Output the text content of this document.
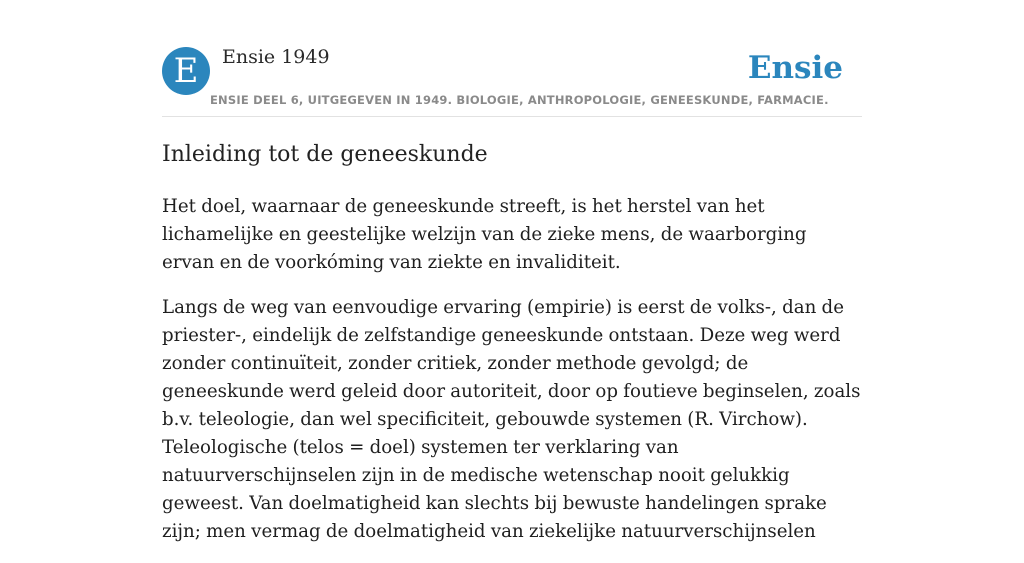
E	Ensie 1949	Ensie
ENSIE DEEL 6, UITGEGEVEN IN 1949. BIOLOGIE, ANTHROPOLOGIE, GENEESKUNDE, FARMACIE.
Inleiding tot de geneeskunde

Het doel, waarnaar de geneeskunde streeft, is het herstel van het lichamelijke en geestelijke welzijn van de zieke mens, de waarborging ervan en de voorkóming van ziekte en invaliditeit.

Langs de weg van eenvoudige ervaring (empirie) is eerst de volks-, dan de priester-, eindelijk de zelfstandige geneeskunde ontstaan. Deze weg werd zonder continuïteit, zonder critiek, zonder methode gevolgd; de geneeskunde werd geleid door autoriteit, door op foutieve beginselen, zoals b.v. teleologie, dan wel specificiteit, gebouwde systemen (R. Virchow). Teleologische (telos = doel) systemen ter verklaring van natuurverschijnselen zijn in de medische wetenschap nooit gelukkig geweest. Van doelmatigheid kan slechts bij bewuste handelingen sprake zijn; men vermag de doelmatigheid van ziekelijke natuurverschijnselen
